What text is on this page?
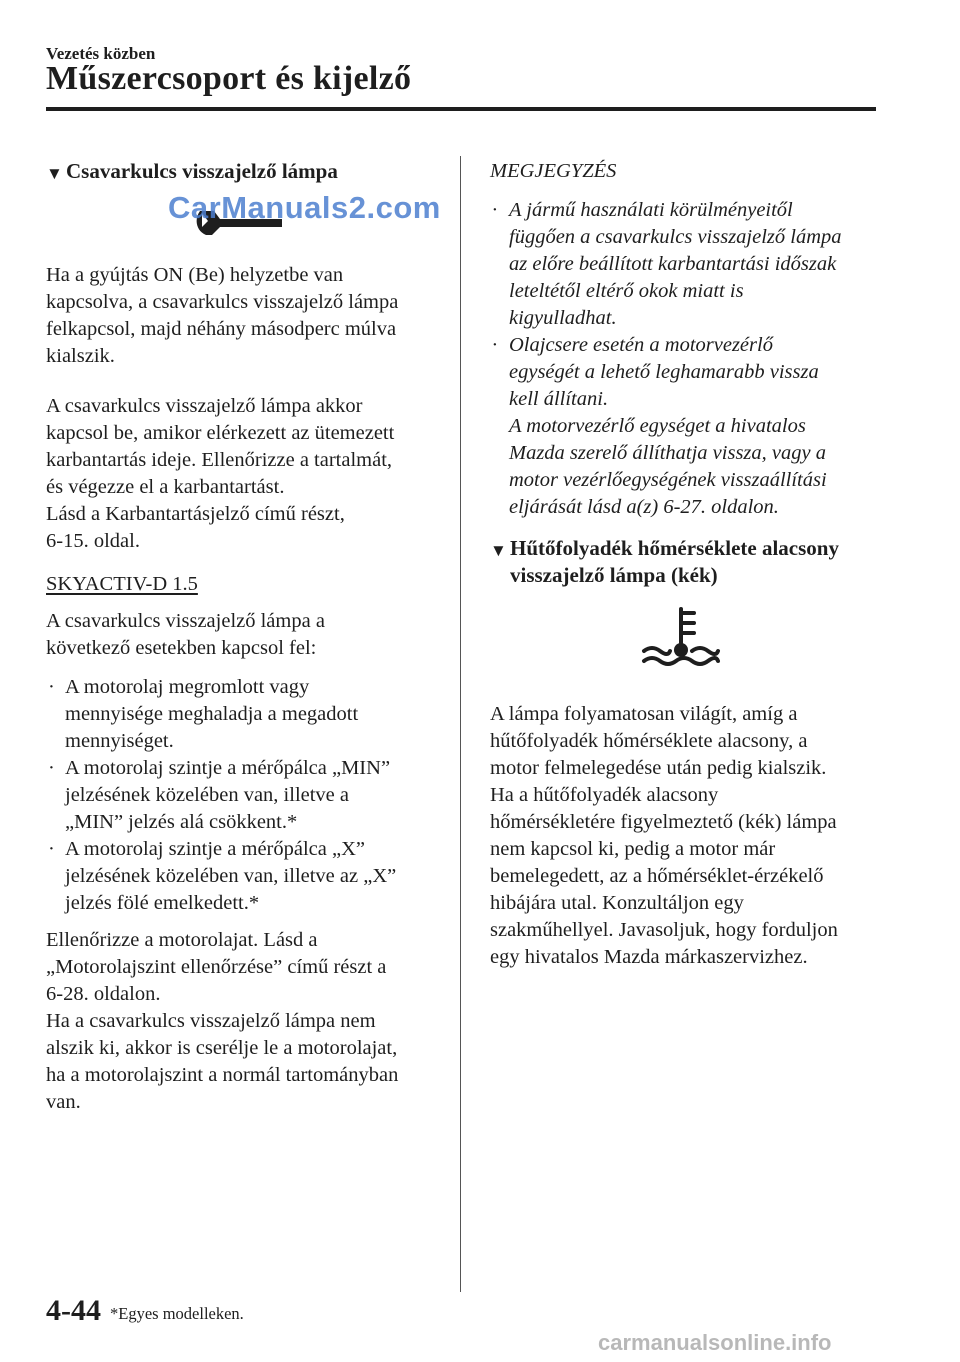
Vezetés közben
Műszercsoport és kijelző
▼ Csavarkulcs visszajelző lámpa

Ha a gyújtás ON (Be) helyzetbe van
kapcsolva, a csavarkulcs visszajelző lámpa
felkapcsol, majd néhány másodperc múlva
kialszik.

A csavarkulcs visszajelző lámpa akkor
kapcsol be, amikor elérkezett az ütemezett
karbantartás ideje. Ellenőrizze a tartalmát,
és végezze el a karbantartást.
Lásd a Karbantartásjelző című részt,
6-15. oldal.

SKYACTIV-D 1.5

A csavarkulcs visszajelző lámpa a
következő esetekben kapcsol fel:

· A motorolaj megromlott vagy
mennyisége meghaladja a megadott
mennyiséget.
· A motorolaj szintje a mérőpálca „MIN”
jelzésének közelében van, illetve a
„MIN” jelzés alá csökkent.*
· A motorolaj szintje a mérőpálca „X”
jelzésének közelében van, illetve az „X”
jelzés fölé emelkedett.*

Ellenőrizze a motorolajat. Lásd a
„Motorolajszint ellenőrzése” című részt a
6-28. oldalon.
Ha a csavarkulcs visszajelző lámpa nem
alszik ki, akkor is cserélje le a motorolajat,
ha a motorolajszint a normál tartományban
van.

CarManuals2.com
MEGJEGYZÉS
· A jármű használati körülményeitől
függően a csavarkulcs visszajelző lámpa
az előre beállított karbantartási időszak
leteltétől eltérő okok miatt is
kigyulladhat.
· Olajcsere esetén a motorvezérlő
egységét a lehető leghamarabb vissza
kell állítani.
A motorvezérlő egységet a hivatalos
Mazda szerelő állíthatja vissza, vagy a
motor vezérlőegységének visszaállítási
eljárását lásd a(z) 6-27. oldalon.
▼ Hűtőfolyadék hőmérséklete alacsony
visszajelző lámpa (kék)

A lámpa folyamatosan világít, amíg a
hűtőfolyadék hőmérséklete alacsony, a
motor felmelegedése után pedig kialszik.
Ha a hűtőfolyadék alacsony
hőmérsékletére figyelmeztető (kék) lámpa
nem kapcsol ki, pedig a motor már
bemelegedett, az a hőmérséklet-érzékelő
hibájára utal. Konzultáljon egy
szakműhellyel. Javasoljuk, hogy forduljon
egy hivatalos Mazda márkaszervizhez.

4-44 *Egyes modelleken.
carmanualsonline.info
